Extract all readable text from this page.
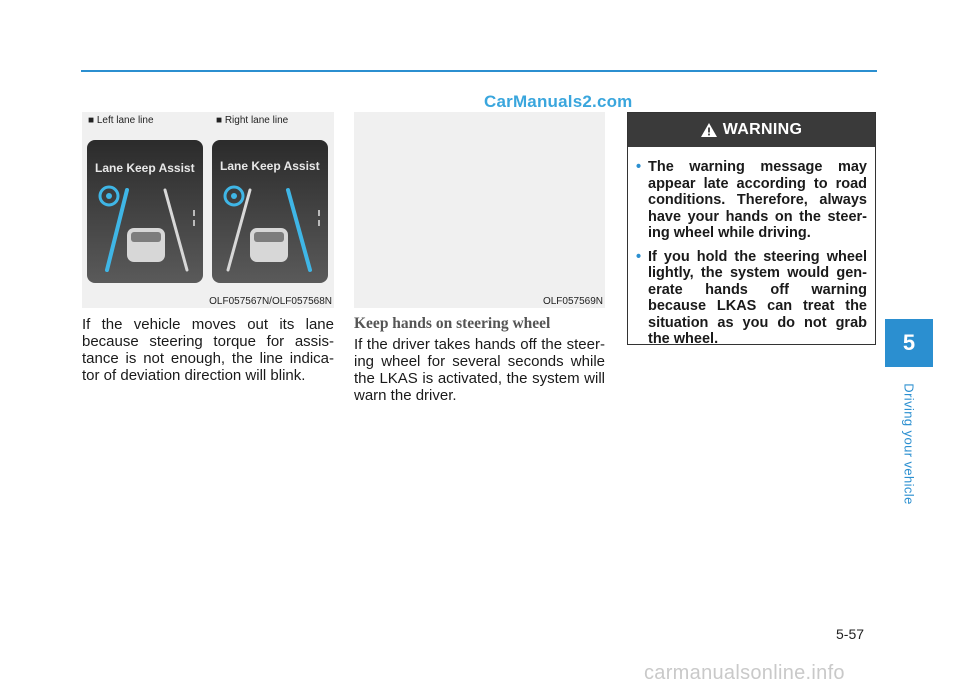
CarManuals2.com
■ Left lane line	■ Right lane line
Lane Keep Assist Lane Keep Assist
OLF057567N/OLF057568N	OLF057569N

If the vehicle moves out its lane because steering torque for assis-tance is not enough, the line indica-tor of deviation direction will blink.

Keep hands on steering wheel

If the driver takes hands off the steer-ing wheel for several seconds while the LKAS is activated, the system will warn the driver.

WARNING
• The warning message may appear late according to road conditions. Therefore, always have your hands on the steer-ing wheel while driving.
• If you hold the steering wheel lightly, the system would gen-erate hands off warning because LKAS can treat the situation as you do not grab the wheel.	5
Driving your vehicle
5-57
carmanualsonline.info
